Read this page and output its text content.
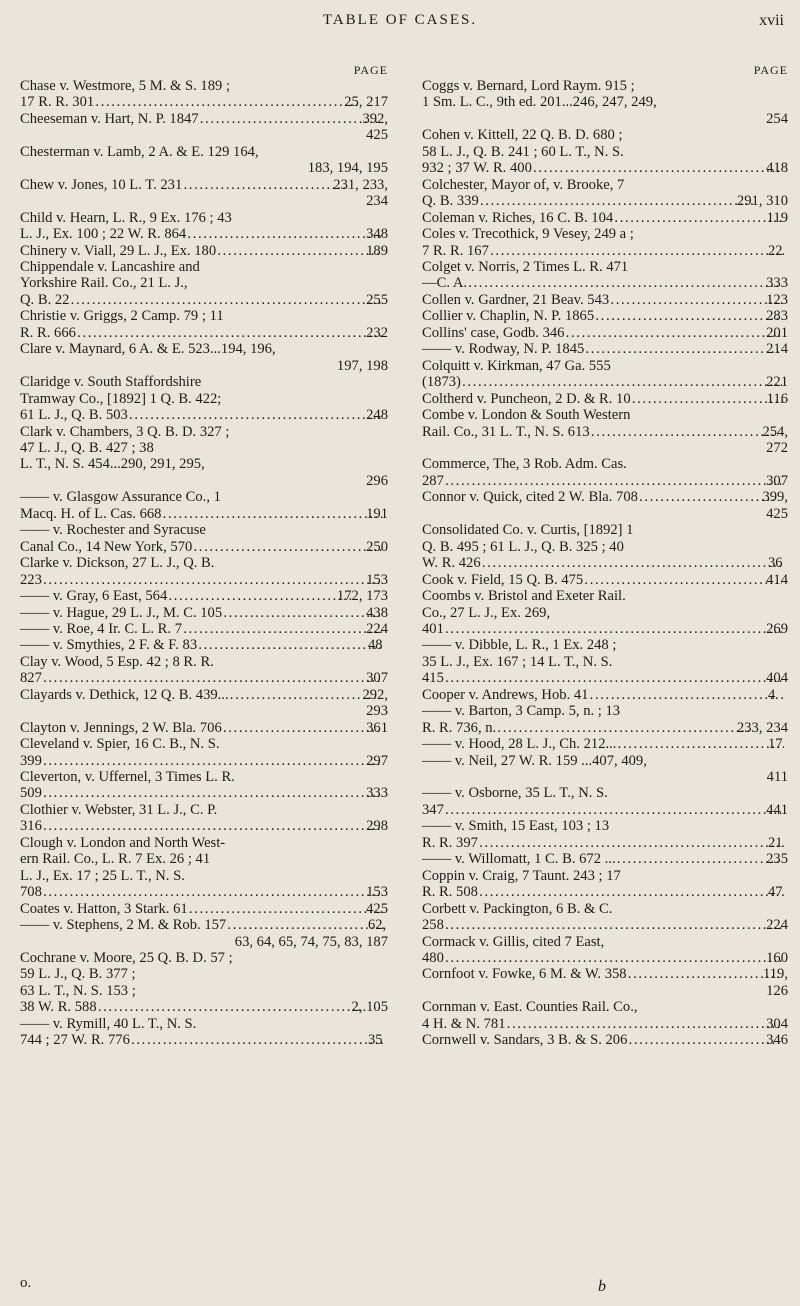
TABLE OF CASES.	xvii
PAGE
Chase v. Westmore, 5 M. & S. 189 ;
17 R. R. 301 . . .	25, 217
Cheeseman v. Hart, N. P. 1847 . . .	392,
425
Chesterman v. Lamb, 2 A. & E. 129 164,
183, 194, 195
Chew v. Jones, 10 L. T. 231 . . .	231, 233,
234
Child v. Hearn, L. R., 9 Ex. 176 ; 43
L. J., Ex. 100 ; 22 W. R. 864 . . .	348
Chinery v. Viall, 29 L. J., Ex. 180 . . .	189
Chippendale v. Lancashire and
Yorkshire Rail. Co., 21 L. J.,
Q. B. 22 . . .	255
Christie v. Griggs, 2 Camp. 79 ; 11
R. R. 666 . . .	232
Clare v. Maynard, 6 A. & E. 523...194, 196,
197, 198
Claridge v. South Staffordshire
Tramway Co., [1892] 1 Q. B. 422;
61 L. J., Q. B. 503 . . .	248
Clark v. Chambers, 3 Q. B. D. 327 ;
47 L. J., Q. B. 427 ; 38
L. T., N. S. 454...290, 291, 295,
296
—— v. Glasgow Assurance Co., 1
Macq. H. of L. Cas. 668 . . .	191
—— v. Rochester and Syracuse
Canal Co., 14 New York, 570 . . .	250
Clarke v. Dickson, 27 L. J., Q. B.
223 . . .	153
—— v. Gray, 6 East, 564 . . .	172, 173
—— v. Hague, 29 L. J., M. C. 105 . . .	438
—— v. Roe, 4 Ir. C. L. R. 7 . . .	224
—— v. Smythies, 2 F. & F. 83 . . .	48
Clay v. Wood, 5 Esp. 42 ; 8 R. R.
827 . . .	307
Clayards v. Dethick, 12 Q. B. 439... . . .	292,
293
Clayton v. Jennings, 2 W. Bla. 706 . . .	361
Cleveland v. Spier, 16 C. B., N. S.
399 . . .	297
Cleverton, v. Uffernel, 3 Times L. R.
509 . . .	333
Clothier v. Webster, 31 L. J., C. P.
316 . . .	298
Clough v. London and North West-
ern Rail. Co., L. R. 7 Ex. 26 ; 41
L. J., Ex. 17 ; 25 L. T., N. S.
708 . . .	153
Coates v. Hatton, 3 Stark. 61 . . .	425
—— v. Stephens, 2 M. & Rob. 157 . . .	62,
63, 64, 65, 74, 75, 83, 187
Cochrane v. Moore, 25 Q. B. D. 57 ;
59 L. J., Q. B. 377 ;
63 L. T., N. S. 153 ;
38 W. R. 588 . . .	2, 105
—— v. Rymill, 40 L. T., N. S.
744 ; 27 W. R. 776 . . .	35
PAGE
Coggs v. Bernard, Lord Raym. 915 ;
1 Sm. L. C., 9th ed. 201...246, 247, 249,
254
Cohen v. Kittell, 22 Q. B. D. 680 ;
58 L. J., Q. B. 241 ; 60 L. T., N. S.
932 ; 37 W. R. 400 . . .	418
Colchester, Mayor of, v. Brooke, 7
Q. B. 339 . . .	291, 310
Coleman v. Riches, 16 C. B. 104 . . .	119
Coles v. Trecothick, 9 Vesey, 249 a ;
7 R. R. 167 . . .	22
Colget v. Norris, 2 Times L. R. 471
—C. A. . . .	333
Collen v. Gardner, 21 Beav. 543 . . .	123
Collier v. Chaplin, N. P. 1865 . . .	283
Collins' case, Godb. 346 . . .	201
—— v. Rodway, N. P. 1845 . . .	214
Colquitt v. Kirkman, 47 Ga. 555
(1873) . . .	221
Coltherd v. Puncheon, 2 D. & R. 10 . . .	116
Combe v. London & South Western
Rail. Co., 31 L. T., N. S. 613 . . .	254,
272
Commerce, The, 3 Rob. Adm. Cas.
287 . . .	307
Connor v. Quick, cited 2 W. Bla. 708 . . .	399,
425
Consolidated Co. v. Curtis, [1892] 1
Q. B. 495 ; 61 L. J., Q. B. 325 ; 40
W. R. 426 . . .	36
Cook v. Field, 15 Q. B. 475 . . .	414
Coombs v. Bristol and Exeter Rail.
Co., 27 L. J., Ex. 269,
401 . . .	269
—— v. Dibble, L. R., 1 Ex. 248 ;
35 L. J., Ex. 167 ; 14 L. T., N. S.
415 . . .	404
Cooper v. Andrews, Hob. 41 . . .	4
—— v. Barton, 3 Camp. 5, n. ; 13
R. R. 736, n. . . .	233, 234
—— v. Hood, 28 L. J., Ch. 212... . . .	17
—— v. Neil, 27 W. R. 159 ...407, 409,
411
—— v. Osborne, 35 L. T., N. S.
347 . . .	441
—— v. Smith, 15 East, 103 ; 13
R. R. 397 . . .	21
—— v. Willomatt, 1 C. B. 672 ... . . .	235
Coppin v. Craig, 7 Taunt. 243 ; 17
R. R. 508 . . .	47
Corbett v. Packington, 6 B. & C.
258 . . .	224
Cormack v. Gillis, cited 7 East,
480 . . .	160
Cornfoot v. Fowke, 6 M. & W. 358 . . .	119,
126
Cornman v. East. Counties Rail. Co.,
4 H. & N. 781 . . .	304
Cornwell v. Sandars, 3 B. & S. 206 . . .	346
o.	b
